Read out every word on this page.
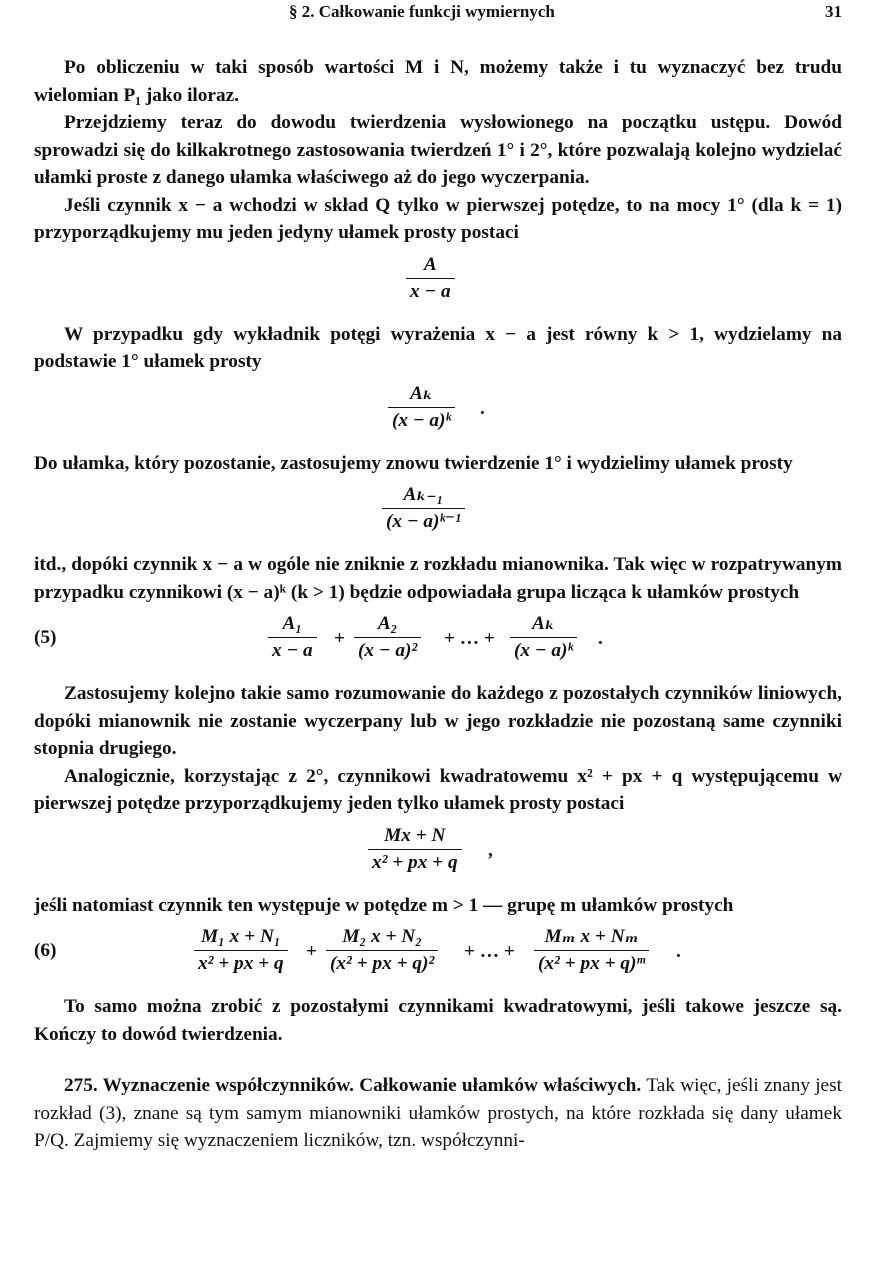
§ 2. Całkowanie funkcji wymiernych	31

Po obliczeniu w taki sposób wartości M i N, możemy także i tu wyznaczyć bez trudu wielomian P₁ jako iloraz.

Przejdziemy teraz do dowodu twierdzenia wysłowionego na początku ustępu. Dowód sprowadzi się do kilkakrotnego zastosowania twierdzeń 1° i 2°, które pozwalają kolejno wydzielać ułamki proste z danego ułamka właściwego aż do jego wyczerpania.

Jeśli czynnik x − a wchodzi w skład Q tylko w pierwszej potędze, to na mocy 1° (dla k = 1) przyporządkujemy mu jeden jedyny ułamek prosty postaci

A
x − a

W przypadku gdy wykładnik potęgi wyrażenia x − a jest równy k > 1, wydzielamy na podstawie 1° ułamek prosty

Aₖ
(x − a)ᵏ
.

Do ułamka, który pozostanie, zastosujemy znowu twierdzenie 1° i wydzielimy ułamek prosty

Aₖ₋₁
(x − a)ᵏ⁻¹

itd., dopóki czynnik x − a w ogóle nie zniknie z rozkładu mianownika. Tak więc w rozpatrywanym przypadku czynnikowi (x − a)ᵏ (k > 1) będzie odpowiadała grupa licząca k ułamków prostych

(5)
A₁
x − a
+
A₂
(x − a)²
+ … +
Aₖ
(x − a)ᵏ
.

Zastosujemy kolejno takie samo rozumowanie do każdego z pozostałych czynników liniowych, dopóki mianownik nie zostanie wyczerpany lub w jego rozkładzie nie pozostaną same czynniki stopnia drugiego.

Analogicznie, korzystając z 2°, czynnikowi kwadratowemu x² + px + q występującemu w pierwszej potędze przyporządkujemy jeden tylko ułamek prosty postaci

Mx + N
x² + px + q
,

jeśli natomiast czynnik ten występuje w potędze m > 1 — grupę m ułamków prostych

(6)
M₁ x + N₁
x² + px + q
+
M₂ x + N₂
(x² + px + q)²
+ … +
Mₘ x + Nₘ
(x² + px + q)ᵐ
.

To samo można zrobić z pozostałymi czynnikami kwadratowymi, jeśli takowe jeszcze są. Kończy to dowód twierdzenia.

275. Wyznaczenie współczynników. Całkowanie ułamków właściwych. Tak więc, jeśli znany jest rozkład (3), znane są tym samym mianowniki ułamków prostych, na które rozkłada się dany ułamek P/Q. Zajmiemy się wyznaczeniem liczników, tzn. współczynni-
